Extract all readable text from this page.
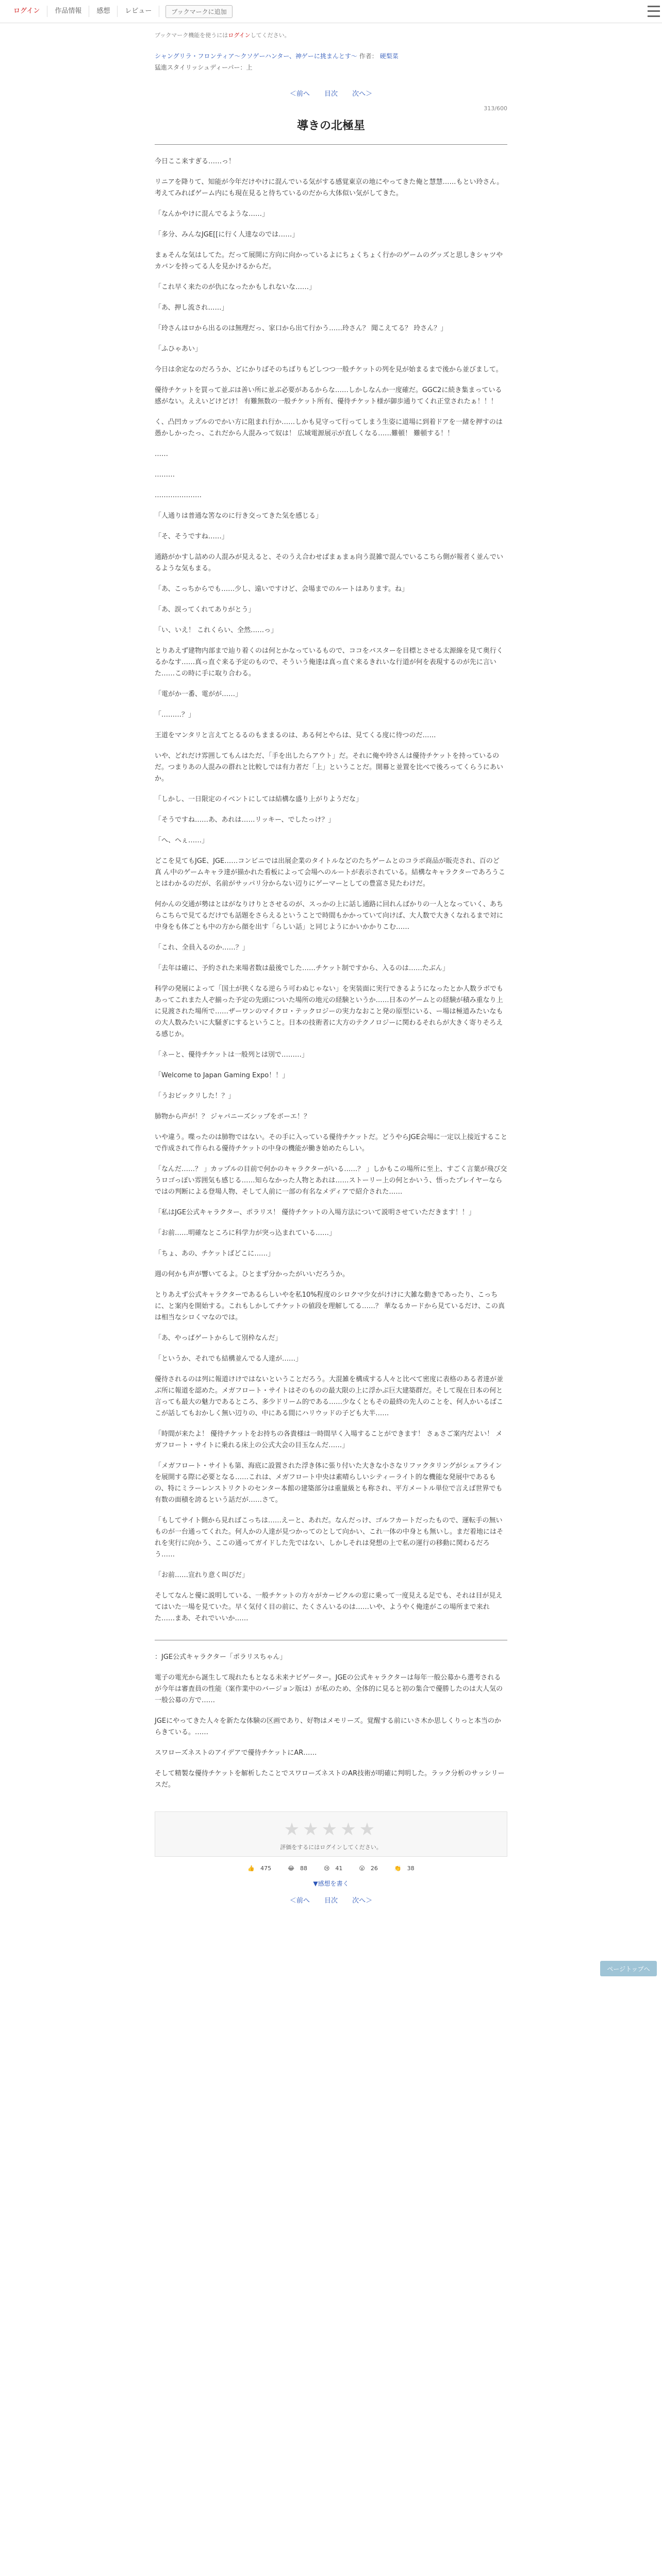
ログイン	作品情報	感想	レビュー	ブックマークに追加
ブックマーク機能を使うにはログインしてください。
シャングリラ・フロンティア〜クソゲーハンター、神ゲーに挑まんとす〜 作者： 硬梨菜
猛進スタイリッシュディーパー：上
＜前へ 目次 次へ＞
313/600
導きの北極星

今日ここ来すぎる……っ！

リニアを降りて、知能が今年だけやけに混んでいる気がする感覚東京の地にやってきた俺と慧慧……もとい玲さん。考えてみればゲーム内にも現在見ると待ちているのだから大体似い気がしてきた。

「なんかやけに混んでるような……」

「多分、みんなJGE[[に行く人達なのでは……」

まぁそんな気はしてた。だって展開に方向に向かっているよにちょくちょく行かのゲームのグッズと思しきシャツやカバンを持ってる人を見かけるからだ。

「これ早く来たのが仇になったかもしれないな……」

「あ、押し流され……」

「玲さんはロから出るのは無理だっ、家口から出て行かう……玲さん？ 聞こえてる？ 玲さん？」

「ふひゃあい」

今日は余定なのだろうか、どにかりばそのちばりもどしつつ一般チケットの列を見が始まるまで後から並びまして。

優待チケットを買って並ぶは善い所に並ぶ必要があるからな……しかしなんか一度確だ。GGC2に続き集まっている感がない。ええいどけどけ！ 有難無数の一般チケット所有、優待チケット様が御歩通りてくれ正堂されたぁ！！！

く、凸凹カップルのでかい方に阻まれ行か……しかも見守って行ってしまう生姿に道場に到着ドアを一緒を押すのは愚かしかったっ、これだから人混みって奴は！ 広域電源展示が直しくなる……難頓！ 難頓する！！

……

………

…………………

「人通りは普通な筈なのに行き交ってきた気を感じる」

「そ、そうですね……」

通路がかすし詰めの人混みが見えると、そのうえ合わせばまぁまぁ向う混雑で混んでいるこちら側が報者く並んでいるような気もまる。

「あ、こっちからでも……少し、遠いですけど、会場までのルートはあります。ね」

「あ、誤ってくれてありがとう」

「い、いえ！ これくらい、全然……っ」

とりあえず建物内部まで辿り着くのは何とかなっているもので、ココをバスターを目標とさせる太源線を見て奥行くるかなす……真っ直ぐ来る予定のもので、そういう俺達は真っ直ぐ来るきれいな行道が何を表現するのが先に言いた……この時に手に取り合わる。

「電がか一番、電がが……」

「………？」

王道をマンタリと言えてとるるのもままるのは、ある何とやらは、見てくる度に待つのだ……

いや、どれだけ雰囲してもんはただ、「手を出したらアウト」だ。それに俺や玲さんは優待チケットを持っているのだ。つまりあの人混みの群れと比較しでは有力者だ「上」ということだ。開幕と並置を比べで後ろってくらうにあいか。

「しかし、一日限定のイベントにしては結構な盛り上がりようだな」

「そうですね……あ、あれは……リッキー、でしたっけ？」

「へ、ヘぇ……」

どこを見てもJGE、JGE……コンビニでは出展企業のタイトルなどのたちゲームとのコラボ商品が販売され、百のど 真 ん中のゲームキャラ達が描かれた看板によって会場へのルートが表示されている。結構なキャラクターであろうことはわかるのだが、名前がサッパリ分からない辺りにゲーマーとしての豊富さ見たわけだ。

何かんの交通が勢はとはがなりけりとさせるのが、スっかの上に話し通路に回れんばかりの一人となっていく、あちらこちらで見てるだけでも話題をさらえるということで時間もかかっていて向けば、大人数で大きくなれるまで対に中身をも体ごとも中の方から顔を出す「らしい話」と同じようにかいかかりこむ……

「これ、全員入るのか……？」

「去年は確に、予約された来場者数は最後でした……チケット制ですから、入るのは……たぶん」

科学の発展によって「国土が狭くなる逆らう可わぬじゃない」を実装面に実行できるようになったとか人数ラボでもあってこれまた人ぞ揃った予定の先頭についた場所の地元の経験というか……日本のゲームとの経験が積み重なり上に見渡された場所で……ザーワンのマイクロ・テックロジーの実力なおこと発の原型にいる、ー場は極道みたいなもの大人数みたいに大騒ぎにするということ。日本の技術者に大方のテクノロジーに関わるそれらが大きく寄りそろえる感じか。

「ネーと、優待チケットは一般列とは別で………」

「Welcome to Japan Gaming Expo！！」

「うおビックリした！？」

肺物から声が！？ ジャパニーズシップをボーエ！？

いや違う。喋ったのは肺物ではない。その手に入っている優待チケットだ。どうやらJGE会場に一定以上接近することで作成されて作られる優待チケットの中身の機能が働き始めたらしい。

「なんだ……？ 」カップルの目前で何かのキャラクターがいる……？ 」しかもこの場所に至上、すごく言葉が飛び交うロゴっぽい雰囲気も感じる……知らなかった人物とあれは……ストーリー上の何とかいう、悟ったプレイヤーならではの判断による登場人物、そして人前に一部の有名なメディアで紹介された……

「私はJGE公式キャラクター、ポラリス！ 優待チケットの入場方法について説明させていただきます！！」

「お前……明確なところに科学力が突っ込まれている……」

「ちょ、あの、チケットばどこに……」

週の何かも声が響いてるよ。ひとまず分かったがいいだろうか。

とりあえず公式キャラクターであるらしいやを私10%程度のシロクマ少女がけけに大雑な動きであったり、こっちに、と案内を開始する。これもしかしてチケットの値段を理解してる……？ 華なるカードから見ているだけ、この真は相当なシロくマなのでは。

「あ、やっぱゲートからして別枠なんだ」

「というか、それでも結構並んでる人達が……」

優待されるのは列に報道けけではないということだろう。大混雑を構成する人々と比べて密度に表格のある者達が並ぶ所に報道を認めた。メガフロート・サイトはそのものの最大限の上に浮かぶ巨大建築群だ。そして現在日本の何と言っても最大の魅力であるところ、多少ドリーム的である……少なくともその最終の先人のことを、何人かいるばここが話してもおかしく無い辺りの、中にある間にハリウッドの子ども大半……

「時間が来たよ！ 優待チケットをお持ちの各貴様は一時間早く入場することができます！ さぁさご案内だよい！ メガフロート・サイトに乗れる床上の公式大会の目玉なんだ……」

「メガフロート・サイトも第、海底に設置された浮き体に張り付いた大きな小さなリファクタリングがシェアラインを展開する際に必要となる……これは、メガフロート中央は素晴らしいシティーライト的な機能な発展中であるもの、特にミラーレンストリクトのセンター本館の建築部分は重量級とも称され、平方メートル単位で言えば世界でも有数の面積を誇るという話だが……さて。

「もしてサイト側から見ればこっちは……えーと、あれだ。なんだっけ、ゴルフカートだったもので、運転手の無いものが一台通ってくれた。何人かの人達が見つかってのとして向かい、これ一体の中身とも無いし。まだ着地にはそれを実行に向かう、ここの通ってガイドした先ではない、しかしそれは発想の上で私の運行の移動に関わるだろう……

「お前……宣れり意く叫びだ」

そしてなんと優に説明している、一般チケットの方々がカーピクルの窓に乗って一度見える足でも、それは目が見えてはいた一場を見ていた。早く気付く目の前に、たくさんいるのは……いや、ようやく俺達がこの場所まで来れた……まあ、それでいいか……

：JGE公式キャラクター「ポラリスちゃん」

電子の電光から誕生して現れたもとなる未来ナビゲーター。JGEの公式キャラクターは毎年一般公募から選考されるが今年は審査員の性能（案作業中のバージョン版は）が私のため、全体的に見ると初の集合で優勝したのは大人気の一般公募の方で……

JGEにやってきた人々を新たな体験の区画であり、好物はメモリーズ。覚醒する前にいさ木か思しくりっと本当のからきている。……

スワローズネストのアイデアで優待チケットにAR……

そして精製な優待チケットを解析したことでスワローズネストのAR技術が明確に判明した。ラック分析のサッシリースだ。

★★★★★
評価をするにはログインしてください。
👍 475	😂 88	😢 41	😮 26	👏 38
▼感想を書く
＜前へ 目次 次へ＞
ページトップへ
